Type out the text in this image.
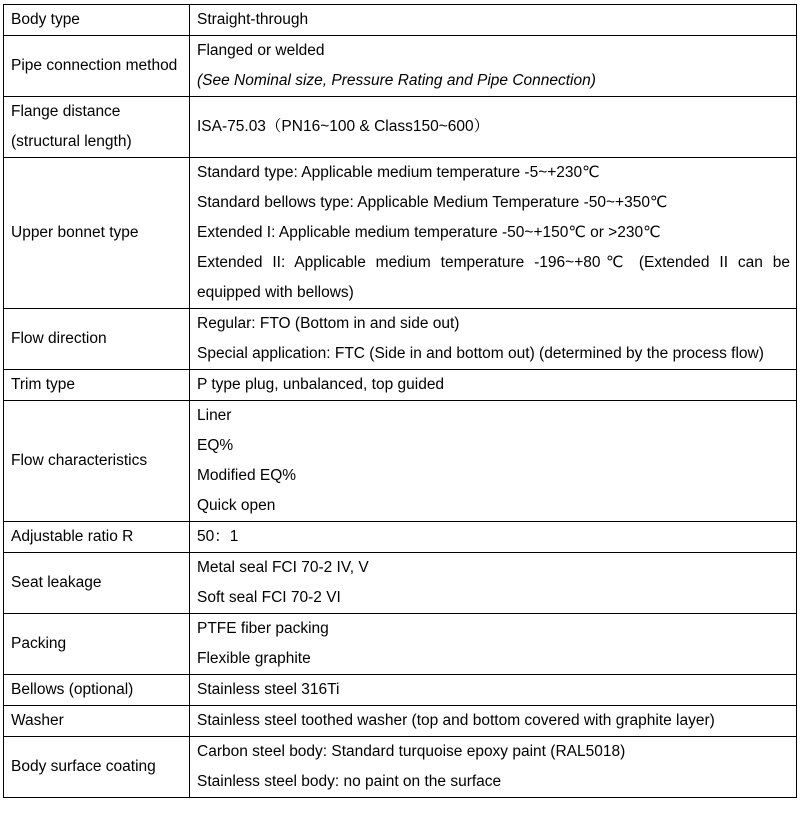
Body type	Straight-through

Pipe connection method	Flanged or welded
(See Nominal size, Pressure Rating and Pipe Connection)

Flange distance (structural length)	ISA-75.03（PN16~100 & Class150~600）

Upper bonnet type	Standard type: Applicable medium temperature -5~+230℃
Standard bellows type: Applicable Medium Temperature -50~+350℃
Extended I: Applicable medium temperature -50~+150℃ or >230℃
Extended II: Applicable medium temperature -196~+80℃ (Extended II can be equipped with bellows)

Flow direction	Regular: FTO (Bottom in and side out)
Special application: FTC (Side in and bottom out) (determined by the process flow)

Trim type	P type plug, unbalanced, top guided

Flow characteristics	Liner
EQ%
Modified EQ%
Quick open

Adjustable ratio R	50：1

Seat leakage	Metal seal FCI 70-2 IV, V
Soft seal FCI 70-2 VI

Packing	PTFE fiber packing
Flexible graphite

Bellows (optional)	Stainless steel 316Ti

Washer	Stainless steel toothed washer (top and bottom covered with graphite layer)

Body surface coating	Carbon steel body: Standard turquoise epoxy paint (RAL5018)
Stainless steel body: no paint on the surface
